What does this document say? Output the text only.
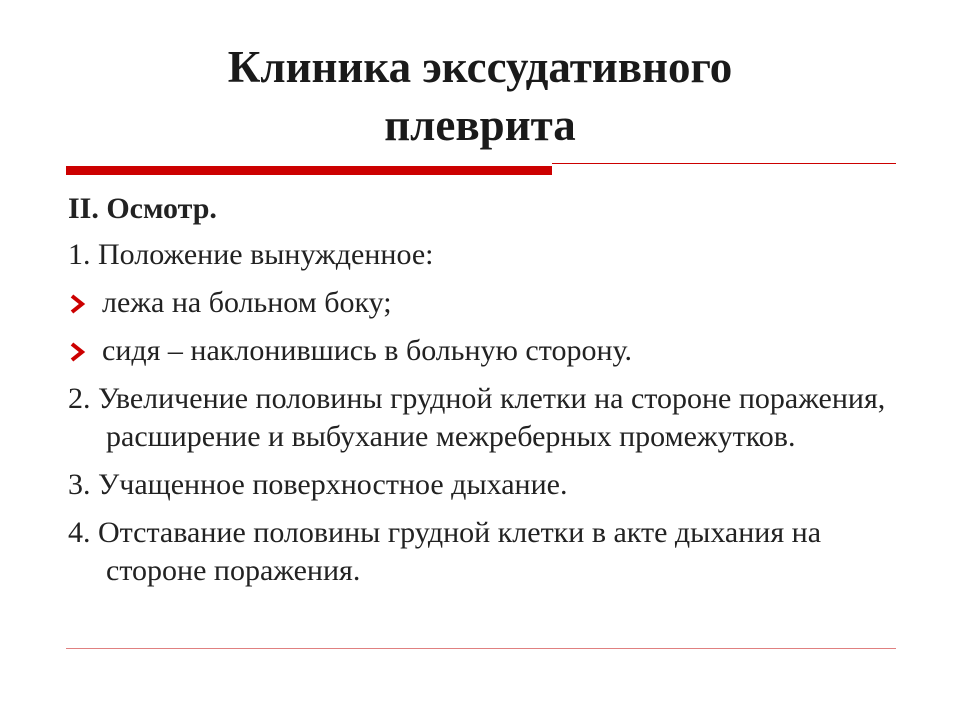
Клиника экссудативного
плеврита
II. Осмотр.
1. Положение вынужденное:
лежа на больном боку;
сидя – наклонившись в больную сторону.
2. Увеличение половины грудной клетки на стороне поражения, расширение и выбухание межреберных промежутков.
3. Учащенное поверхностное дыхание.
4. Отставание половины грудной клетки в акте дыхания на стороне поражения.
